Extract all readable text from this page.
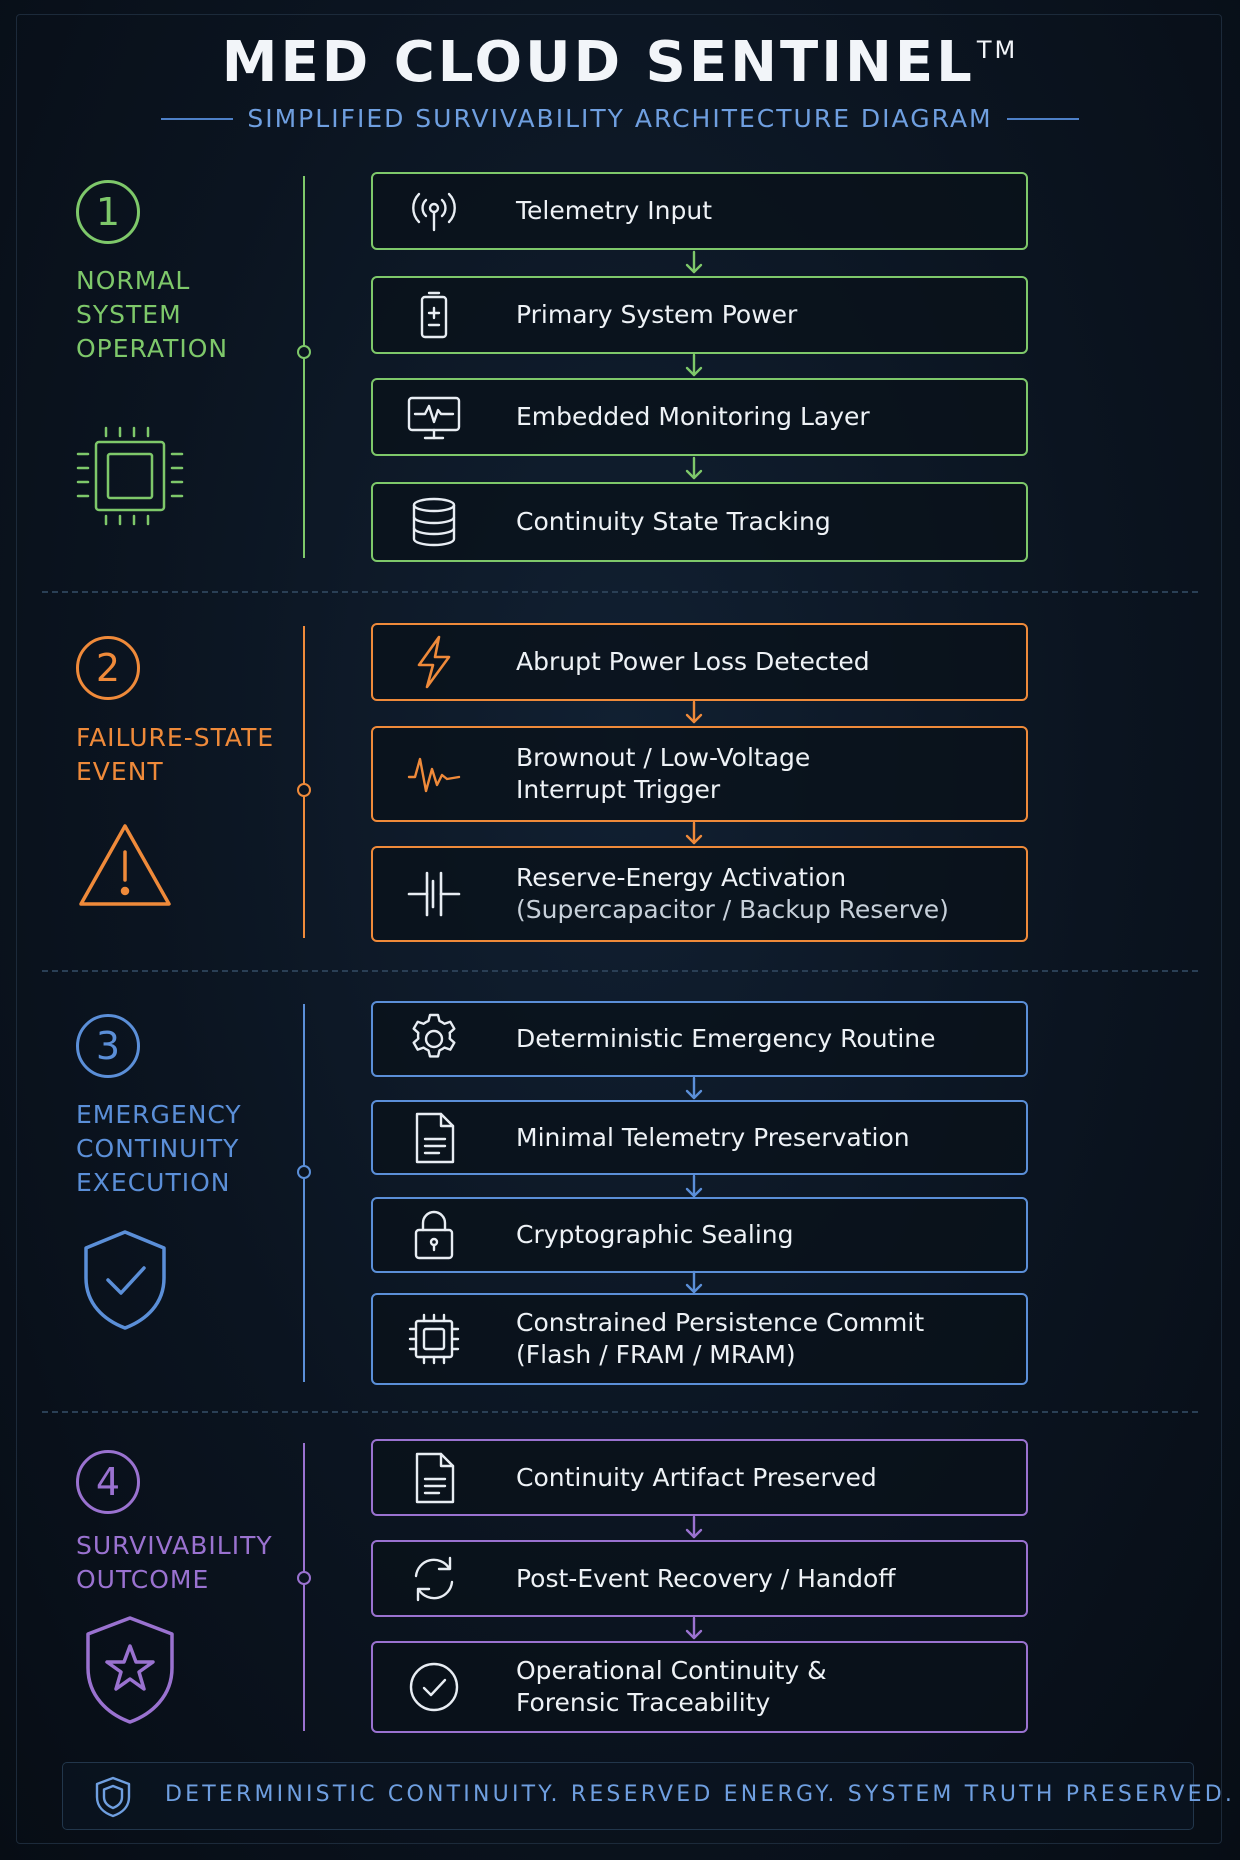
MED CLOUD SENTINEL™
SIMPLIFIED SURVIVABILITY ARCHITECTURE DIAGRAM
1
NORMAL
SYSTEM
OPERATION
Telemetry Input
Primary System Power
Embedded Monitoring Layer
Continuity State Tracking
2
FAILURE-STATE
EVENT
Abrupt Power Loss Detected
Brownout / Low-Voltage
Interrupt Trigger
Reserve-Energy Activation
(Supercapacitor / Backup Reserve)
3
EMERGENCY
CONTINUITY
EXECUTION
Deterministic Emergency Routine
Minimal Telemetry Preservation
Cryptographic Sealing
Constrained Persistence Commit
(Flash / FRAM / MRAM)
4
SURVIVABILITY
OUTCOME
Continuity Artifact Preserved
Post-Event Recovery / Handoff
Operational Continuity &
Forensic Traceability
DETERMINISTIC CONTINUITY. RESERVED ENERGY. SYSTEM TRUTH PRESERVED.
